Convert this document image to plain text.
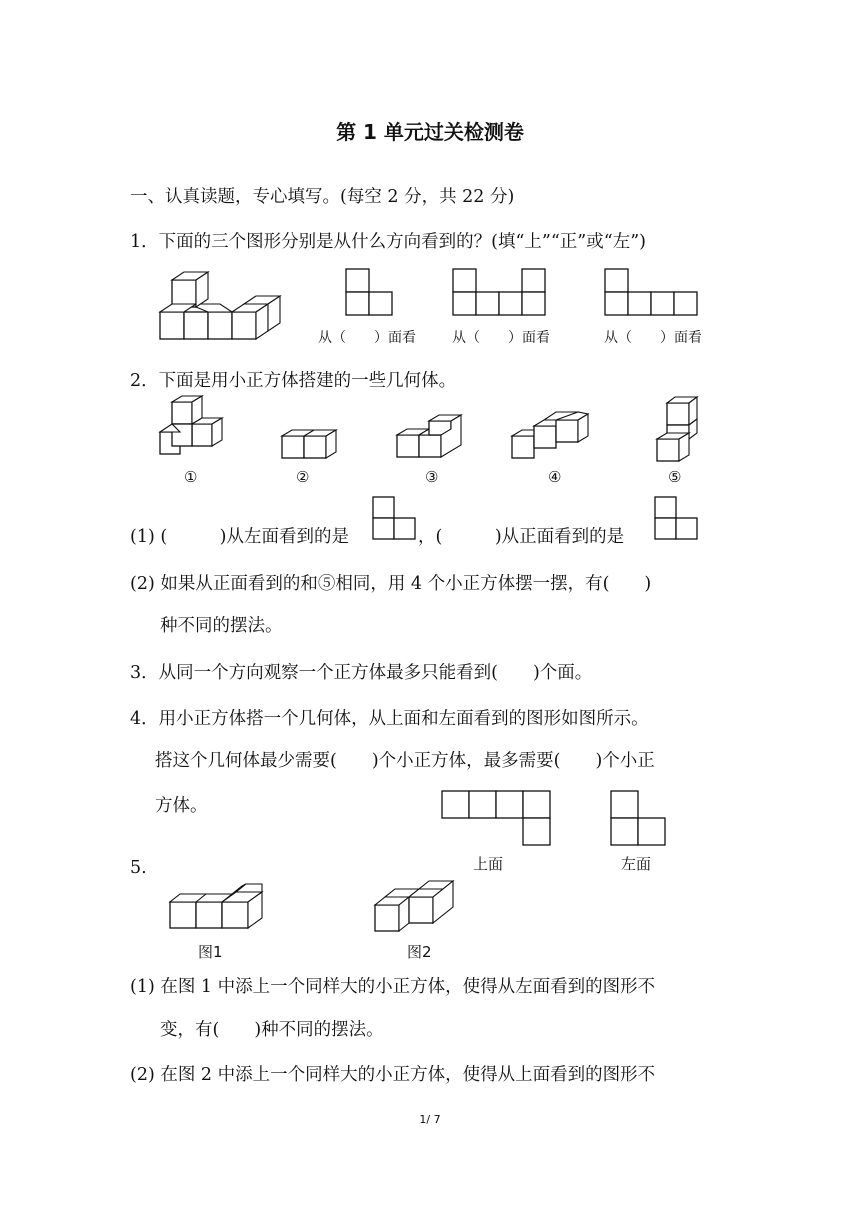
第 1 单元过关检测卷
一、认真读题，专心填写。(每空 2 分，共 22 分)
1．下面的三个图形分别是从什么方向看到的？(填“上”“正”或“左”)
从（　　）面看	从（　　）面看	从（　　）面看
2．下面是用小正方体搭建的一些几何体。
①	②	③	④	⑤
(1) (　　　)从左面看到的是	，(　　　)从正面看到的是
(2) 如果从正面看到的和⑤相同，用 4 个小正方体摆一摆，有(　　)
种不同的摆法。
3．从同一个方向观察一个正方体最多只能看到(　　)个面。
4．用小正方体搭一个几何体，从上面和左面看到的图形如图所示。
搭这个几何体最少需要(　　)个小正方体，最多需要(　　)个小正
方体。
上面	左面
5.
图1	图2
(1) 在图 1 中添上一个同样大的小正方体，使得从左面看到的图形不
变，有(　　)种不同的摆法。
(2) 在图 2 中添上一个同样大的小正方体，使得从上面看到的图形不
1/ 7
